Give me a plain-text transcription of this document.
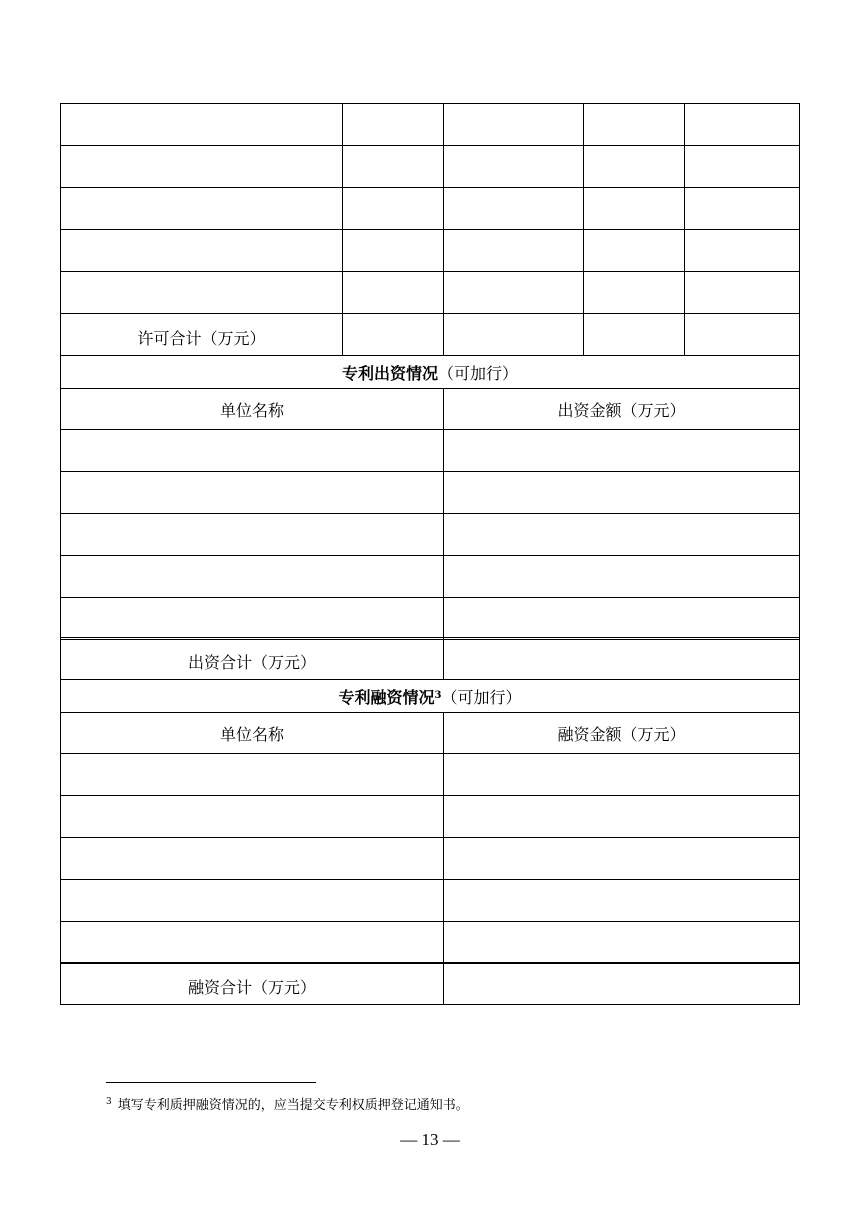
许可合计（万元）
专利出资情况 （可加行）
单位名称	出资金额（万元）
出资合计（万元）
专利融资情况 3 （可加行）
单位名称	融资金额（万元）
融资合计（万元）
$^3$ 填写专利质押融资情况的，应当提交专利权质押登记通知书。
— 13 —
